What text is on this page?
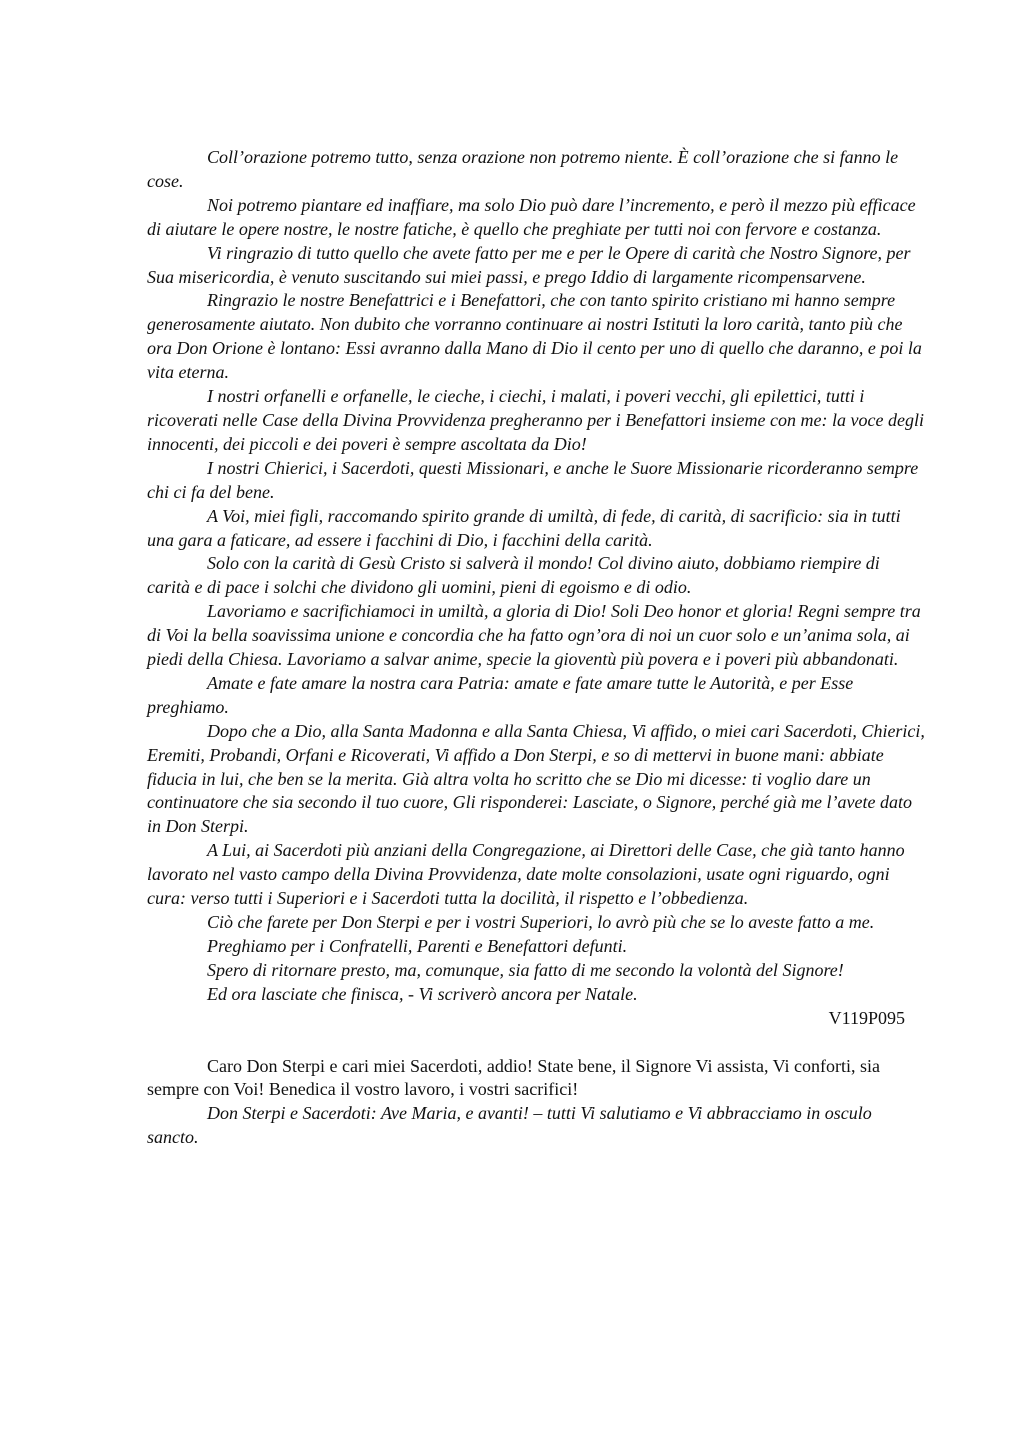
Coll’orazione potremo tutto, senza orazione non potremo niente. È coll’orazione che si fanno le cose.

Noi potremo piantare ed inaffiare, ma solo Dio può dare l’incremento, e però il mezzo più efficace di aiutare le opere nostre, le nostre fatiche, è quello che preghiate per tutti noi con fervore e costanza.

Vi ringrazio di tutto quello che avete fatto per me e per le Opere di carità che Nostro Signore, per Sua misericordia, è venuto suscitando sui miei passi, e prego Iddio di largamente ricompensarvene.

Ringrazio le nostre Benefattrici e i Benefattori, che con tanto spirito cristiano mi hanno sempre generosamente aiutato. Non dubito che vorranno continuare ai nostri Istituti la loro carità, tanto più che ora Don Orione è lontano: Essi avranno dalla Mano di Dio il cento per uno di quello che daranno, e poi la vita eterna.

I nostri orfanelli e orfanelle, le cieche, i ciechi, i malati, i poveri vecchi, gli epilettici, tutti i ricoverati nelle Case della Divina Provvidenza pregheranno per i Benefattori insieme con me: la voce degli innocenti, dei piccoli e dei poveri è sempre ascoltata da Dio!

I nostri Chierici, i Sacerdoti, questi Missionari, e anche le Suore Missionarie ricorderanno sempre chi ci fa del bene.

A Voi, miei figli, raccomando spirito grande di umiltà, di fede, di carità, di sacrificio: sia in tutti una gara a faticare, ad essere i facchini di Dio, i facchini della carità.

Solo con la carità di Gesù Cristo si salverà il mondo! Col divino aiuto, dobbiamo riempire di carità e di pace i solchi che dividono gli uomini, pieni di egoismo e di odio.

Lavoriamo e sacrifichiamoci in umiltà, a gloria di Dio! Soli Deo honor et gloria! Regni sempre tra di Voi la bella soavissima unione e concordia che ha fatto ogn’ora di noi un cuor solo e un’anima sola, ai piedi della Chiesa. Lavoriamo a salvar anime, specie la gioventù più povera e i poveri più abbandonati.

Amate e fate amare la nostra cara Patria: amate e fate amare tutte le Autorità, e per Esse preghiamo.

Dopo che a Dio, alla Santa Madonna e alla Santa Chiesa, Vi affido, o miei cari Sacerdoti, Chierici, Eremiti, Probandi, Orfani e Ricoverati, Vi affido a Don Sterpi, e so di mettervi in buone mani: abbiate fiducia in lui, che ben se la merita. Già altra volta ho scritto che se Dio mi dicesse: ti voglio dare un continuatore che sia secondo il tuo cuore, Gli risponderei: Lasciate, o Signore, perché già me l’avete dato in Don Sterpi.

A Lui, ai Sacerdoti più anziani della Congregazione, ai Direttori delle Case, che già tanto hanno lavorato nel vasto campo della Divina Provvidenza, date molte consolazioni, usate ogni riguardo, ogni cura: verso tutti i Superiori e i Sacerdoti tutta la docilità, il rispetto e l’obbedienza.

Ciò che farete per Don Sterpi e per i vostri Superiori, lo avrò più che se lo aveste fatto a me.

Preghiamo per i Confratelli, Parenti e Benefattori defunti.

Spero di ritornare presto, ma, comunque, sia fatto di me secondo la volontà del Signore!

Ed ora lasciate che finisca, - Vi scriverò ancora per Natale.

V119P095

Caro Don Sterpi e cari miei Sacerdoti, addio! State bene, il Signore Vi assista, Vi conforti, sia sempre con Voi! Benedica il vostro lavoro, i vostri sacrifici!

Don Sterpi e Sacerdoti: Ave Maria, e avanti! – tutti Vi salutiamo e Vi abbracciamo in osculo sancto.
